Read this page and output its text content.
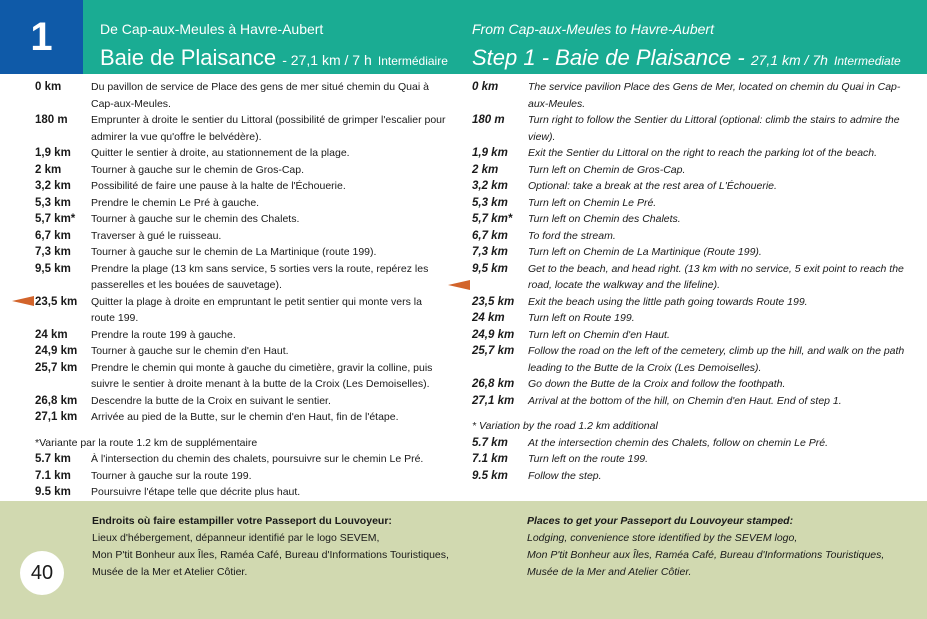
1	De Cap-aux-Meules à Havre-Aubert
Baie de Plaisance - 27,1 km / 7 h Intermédiaire
From Cap-aux-Meules to Havre-Aubert
Step 1 - Baie de Plaisance - 27,1 km / 7h Intermediate
0 km	Du pavillon de service de Place des gens de mer situé chemin du Quai à Cap-aux-Meules.
180 m	Emprunter à droite le sentier du Littoral (possibilité de grimper l'escalier pour admirer la vue qu'offre le belvédère).
1,9 km	Quitter le sentier à droite, au stationnement de la plage.
2 km	Tourner à gauche sur le chemin de Gros-Cap.
3,2 km	Possibilité de faire une pause à la halte de l'Échouerie.
5,3 km	Prendre le chemin Le Pré à gauche.
5,7 km*	Tourner à gauche sur le chemin des Chalets.
6,7 km	Traverser à gué le ruisseau.
7,3 km	Tourner à gauche sur le chemin de La Martinique (route 199).
9,5 km	Prendre la plage (13 km sans service, 5 sorties vers la route, repérez les passerelles et les bouées de sauvetage).
23,5 km	Quitter la plage à droite en empruntant le petit sentier qui monte vers la route 199.
24 km	Prendre la route 199 à gauche.
24,9 km	Tourner à gauche sur le chemin d'en Haut.
25,7 km	Prendre le chemin qui monte à gauche du cimetière, gravir la colline, puis suivre le sentier à droite menant à la butte de la Croix (Les Demoiselles).
26,8 km	Descendre la butte de la Croix en suivant le sentier.
27,1 km	Arrivée au pied de la Butte, sur le chemin d'en Haut, fin de l'étape.
*Variante par la route 1.2 km de supplémentaire
5.7 km	À l'intersection du chemin des chalets, poursuivre sur le chemin Le Pré.
7.1 km	Tourner à gauche sur la route 199.
9.5 km	Poursuivre l'étape telle que décrite plus haut.
0 km	The service pavilion Place des Gens de Mer, located on chemin du Quai in Cap-aux-Meules.
180 m	Turn right to follow the Sentier du Littoral (optional: climb the stairs to admire the view).
1,9 km	Exit the Sentier du Littoral on the right to reach the parking lot of the beach.
2 km	Turn left on Chemin de Gros-Cap.
3,2 km	Optional: take a break at the rest area of L'Échouerie.
5,3 km	Turn left on Chemin Le Pré.
5,7 km*	Turn left on Chemin des Chalets.
6,7 km	To ford the stream.
7,3 km	Turn left on Chemin de La Martinique (Route 199).
9,5 km	Get to the beach, and head right. (13 km with no service, 5 exit point to reach the road, locate the walkway and the lifeline).
23,5 km	Exit the beach using the little path going towards Route 199.
24 km	Turn left on Route 199.
24,9 km	Turn left on Chemin d'en Haut.
25,7 km	Follow the road on the left of the cemetery, climb up the hill, and walk on the path leading to the Butte de la Croix (Les Demoiselles).
26,8 km	Go down the Butte de la Croix and follow the foothpath.
27,1 km	Arrival at the bottom of the hill, on Chemin d'en Haut. End of step 1.
* Variation by the road 1.2 km additional
5.7 km	At the intersection chemin des Chalets, follow on chemin Le Pré.
7.1 km	Turn left on the route 199.
9.5 km	Follow the step.
Endroits où faire estampiller votre Passeport du Louvoyeur:
Lieux d'hébergement, dépanneur identifié par le logo SEVEM,
Mon P'tit Bonheur aux Îles, Raméa Café, Bureau d'Informations Touristiques,
Musée de la Mer et Atelier Côtier.
Places to get your Passeport du Louvoyeur stamped:
Lodging, convenience store identified by the SEVEM logo,
Mon P'tit Bonheur aux Îles, Raméa Café, Bureau d'Informations Touristiques,
Musée de la Mer and Atelier Côtier.
40
